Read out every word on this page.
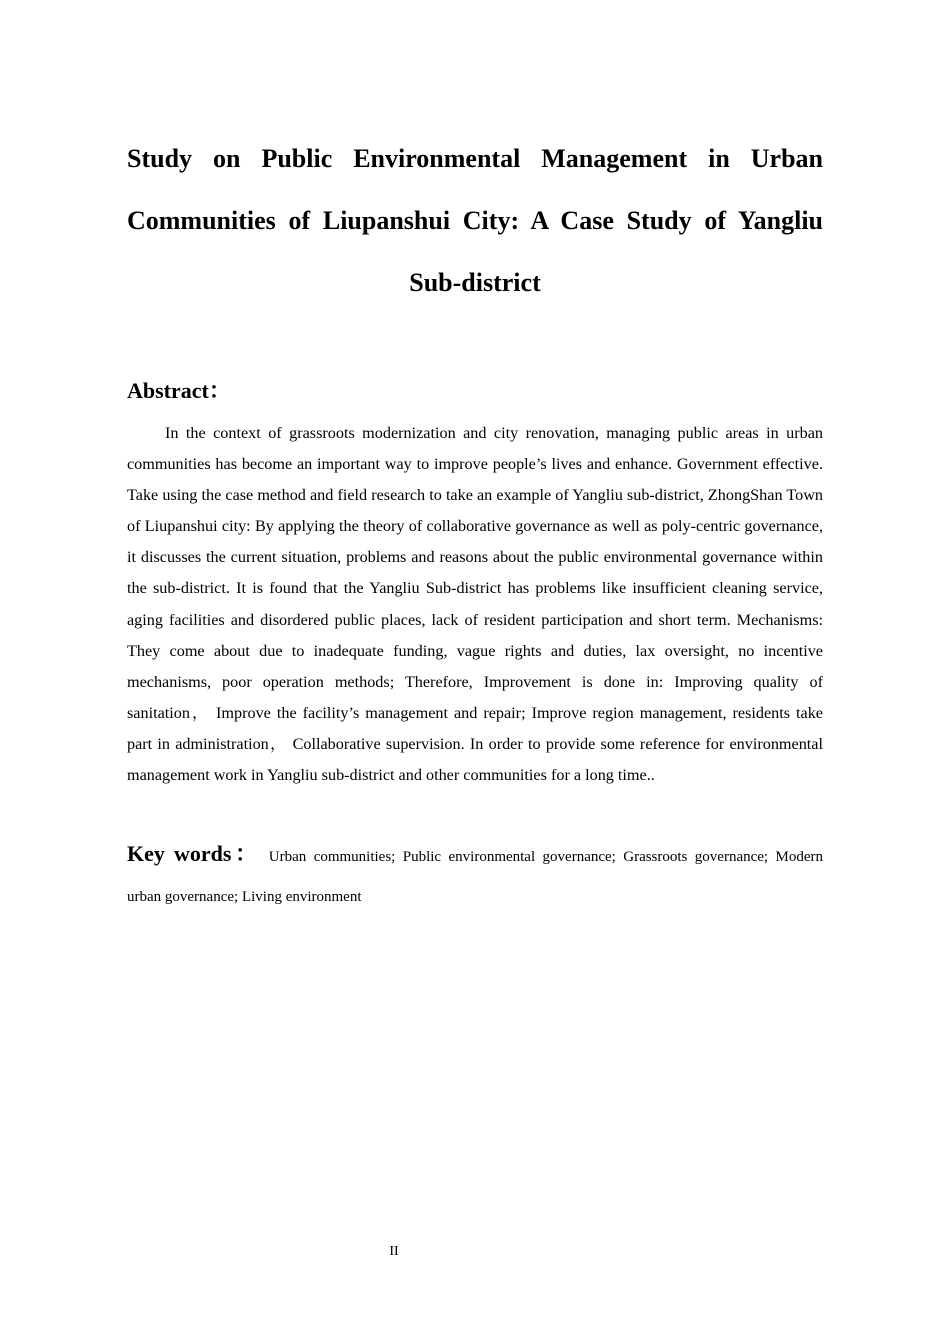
Study on Public Environmental Management in Urban Communities of Liupanshui City: A Case Study of Yangliu Sub-district
Abstract：

In the context of grassroots modernization and city renovation, managing public areas in urban communities has become an important way to improve people’s lives and enhance. Government effective. Take using the case method and field research to take an example of Yangliu sub-district, ZhongShan Town of Liupanshui city: By applying the theory of collaborative governance as well as poly-centric governance, it discusses the current situation, problems and reasons about the public environmental governance within the sub-district. It is found that the Yangliu Sub-district has problems like insufficient cleaning service, aging facilities and disordered public places, lack of resident participation and short term. Mechanisms: They come about due to inadequate funding, vague rights and duties, lax oversight, no incentive mechanisms, poor operation methods; Therefore, Improvement is done in: Improving quality of sanitation， Improve the facility’s management and repair; Improve region management, residents take part in administration， Collaborative supervision. In order to provide some reference for environmental management work in Yangliu sub-district and other communities for a long time..

Key words： Urban communities; Public environmental governance; Grassroots governance; Modern urban governance; Living environment

II
